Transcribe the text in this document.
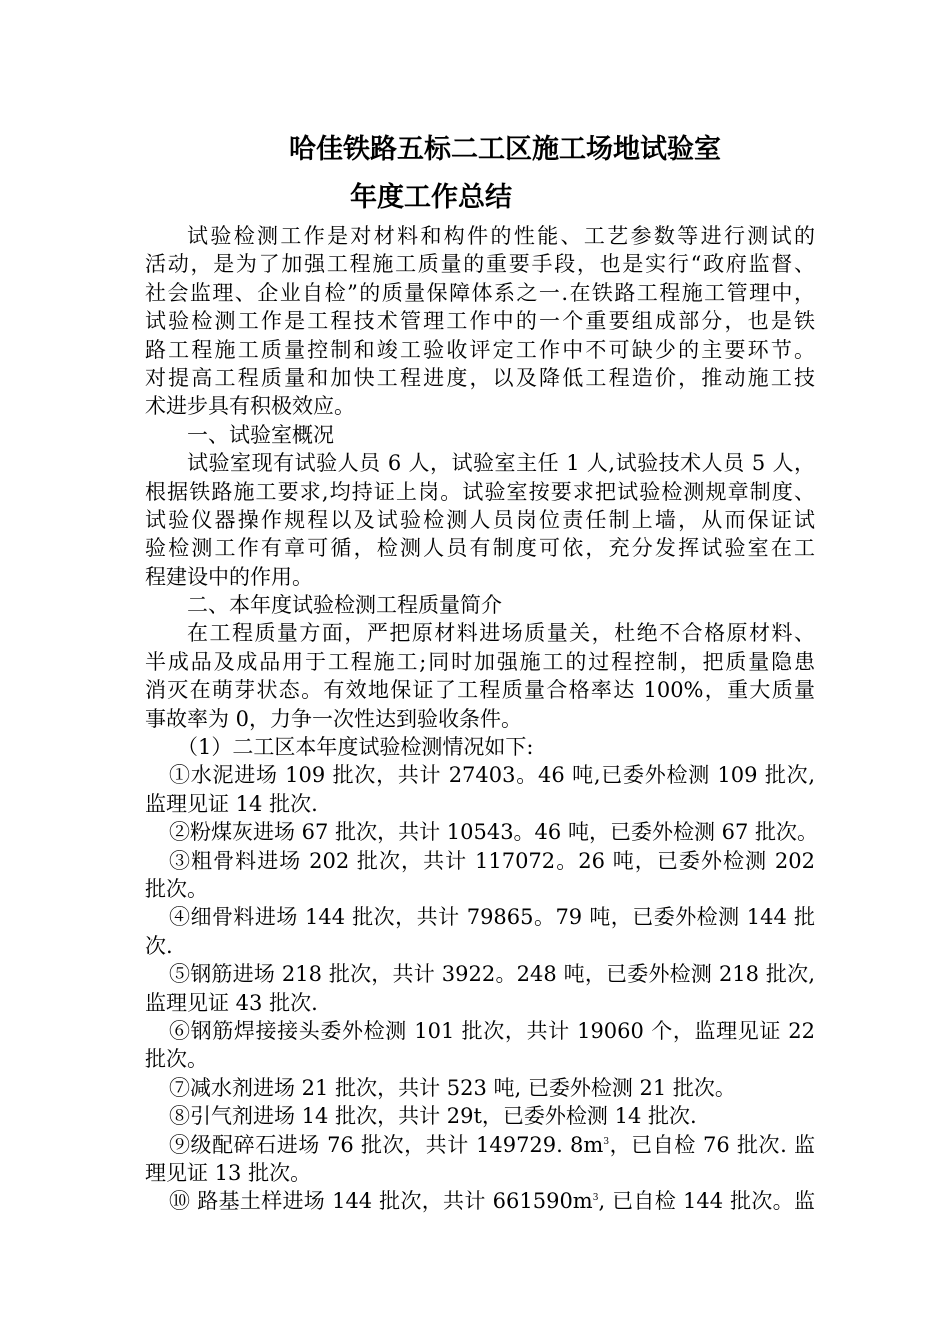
哈佳铁路五标二工区施工场地试验室
年度工作总结
试验检测工作是对材料和构件的性能、工艺参数等进行测试的
活动，是为了加强工程施工质量的重要手段，也是实行“政府监督、
社会监理、企业自检”的质量保障体系之一.在铁路工程施工管理中，
试验检测工作是工程技术管理工作中的一个重要组成部分，也是铁
路工程施工质量控制和竣工验收评定工作中不可缺少的主要环节。
对提高工程质量和加快工程进度，以及降低工程造价，推动施工技
术进步具有积极效应。
一、试验室概况
试验室现有试验人员 6 人，试验室主任 1 人,试验技术人员 5 人，
根据铁路施工要求,均持证上岗。试验室按要求把试验检测规章制度、
试验仪器操作规程以及试验检测人员岗位责任制上墙，从而保证试
验检测工作有章可循，检测人员有制度可依，充分发挥试验室在工
程建设中的作用。
二、本年度试验检测工程质量简介
在工程质量方面，严把原材料进场质量关，杜绝不合格原材料、
半成品及成品用于工程施工;同时加强施工的过程控制，把质量隐患
消灭在萌芽状态。有效地保证了工程质量合格率达 100%，重大质量
事故率为 0，力争一次性达到验收条件。
（1）二工区本年度试验检测情况如下:
①水泥进场 109 批次，共计 27403。46 吨,已委外检测 109 批次,
监理见证 14 批次.
②粉煤灰进场 67 批次，共计 10543。46 吨，已委外检测 67 批次。
③粗骨料进场 202 批次，共计 117072。26 吨，已委外检测 202
批次。
④细骨料进场 144 批次，共计 79865。79 吨，已委外检测 144 批
次.
⑤钢筋进场 218 批次，共计 3922。248 吨，已委外检测 218 批次,
监理见证 43 批次.
⑥钢筋焊接接头委外检测 101 批次，共计 19060 个，监理见证 22
批次。
⑦减水剂进场 21 批次，共计 523 吨, 已委外检测 21 批次。
⑧引气剂进场 14 批次，共计 29t，已委外检测 14 批次.
⑨级配碎石进场 76 批次，共计 149729. $8m^3$，已自检 76 批次. 监
理见证 13 批次。
⑩ 路基土样进场 144 批次，共计 $661590m^3$, 已自检 144 批次。监
